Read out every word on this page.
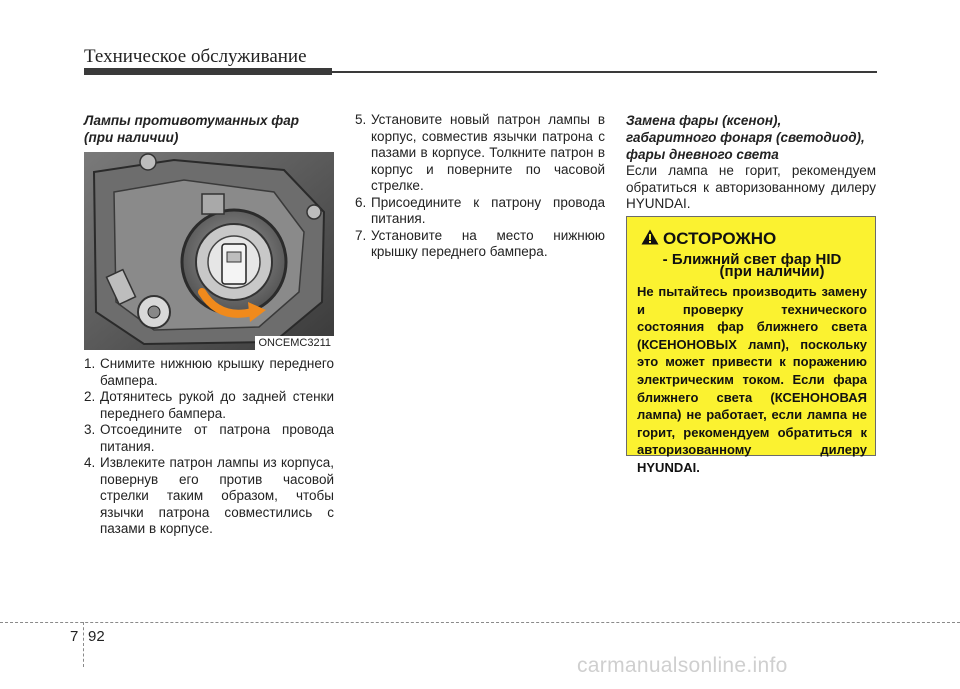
Техническое обслуживание
Лампы противотуманных фар
(при наличии)
ONCEMC3211
1. Снимите нижнюю крышку переднего бампера.
2. Дотянитесь рукой до задней стенки переднего бампера.
3. Отсоедините от патрона провода питания.
4. Извлеките патрон лампы из корпуса, повернув его против часовой стрелки таким образом, чтобы язычки патрона совместились с пазами в корпусе.
5. Установите новый патрон лампы в корпус, совместив язычки патрона с пазами в корпусе. Толкните патрон в корпус и поверните по часовой стрелке.
6. Присоедините к патрону провода питания.
7. Установите на место нижнюю крышку переднего бампера.
Замена фары (ксенон),
габаритного фонаря (светодиод),
фары дневного света
Если лампа не горит, рекомендуем обратиться к авторизованному дилеру HYUNDAI.
ОСТОРОЖНО
- Ближний свет фар HID
(при наличии)
Не пытайтесь производить замену и проверку технического состояния фар ближнего света (КСЕНОНОВЫХ ламп), поскольку это может привести к поражению электрическим током. Если фара ближнего света (КСЕНОНОВАЯ лампа) не работает, если лампа не горит, рекомендуем обратиться к авторизованному дилеру HYUNDAI.
7 92
carmanualsonline.info
